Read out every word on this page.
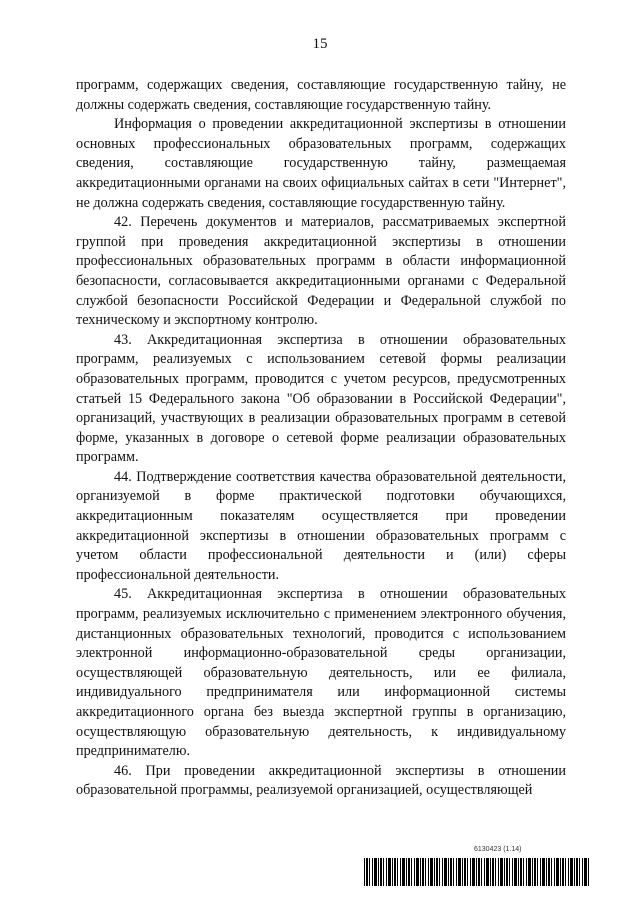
15

программ, содержащих сведения, составляющие государственную тайну, не должны содержать сведения, составляющие государственную тайну.

Информация о проведении аккредитационной экспертизы в отношении основных профессиональных образовательных программ, содержащих сведения, составляющие государственную тайну, размещаемая аккредитационными органами на своих официальных сайтах в сети "Интернет", не должна содержать сведения, составляющие государственную тайну.

42. Перечень документов и материалов, рассматриваемых экспертной группой при проведения аккредитационной экспертизы в отношении профессиональных образовательных программ в области информационной безопасности, согласовывается аккредитационными органами с Федеральной службой безопасности Российской Федерации и Федеральной службой по техническому и экспортному контролю.

43. Аккредитационная экспертиза в отношении образовательных программ, реализуемых с использованием сетевой формы реализации образовательных программ, проводится с учетом ресурсов, предусмотренных статьей 15 Федерального закона "Об образовании в Российской Федерации", организаций, участвующих в реализации образовательных программ в сетевой форме, указанных в договоре о сетевой форме реализации образовательных программ.

44. Подтверждение соответствия качества образовательной деятельности, организуемой в форме практической подготовки обучающихся, аккредитационным показателям осуществляется при проведении аккредитационной экспертизы в отношении образовательных программ с учетом области профессиональной деятельности и (или) сферы профессиональной деятельности.

45. Аккредитационная экспертиза в отношении образовательных программ, реализуемых исключительно с применением электронного обучения, дистанционных образовательных технологий, проводится с использованием электронной информационно-образовательной среды организации, осуществляющей образовательную деятельность, или ее филиала, индивидуального предпринимателя или информационной системы аккредитационного органа без выезда экспертной группы в организацию, осуществляющую образовательную деятельность, к индивидуальному предпринимателю.

46. При проведении аккредитационной экспертизы в отношении образовательной программы, реализуемой организацией, осуществляющей

6130423 (1.14)
